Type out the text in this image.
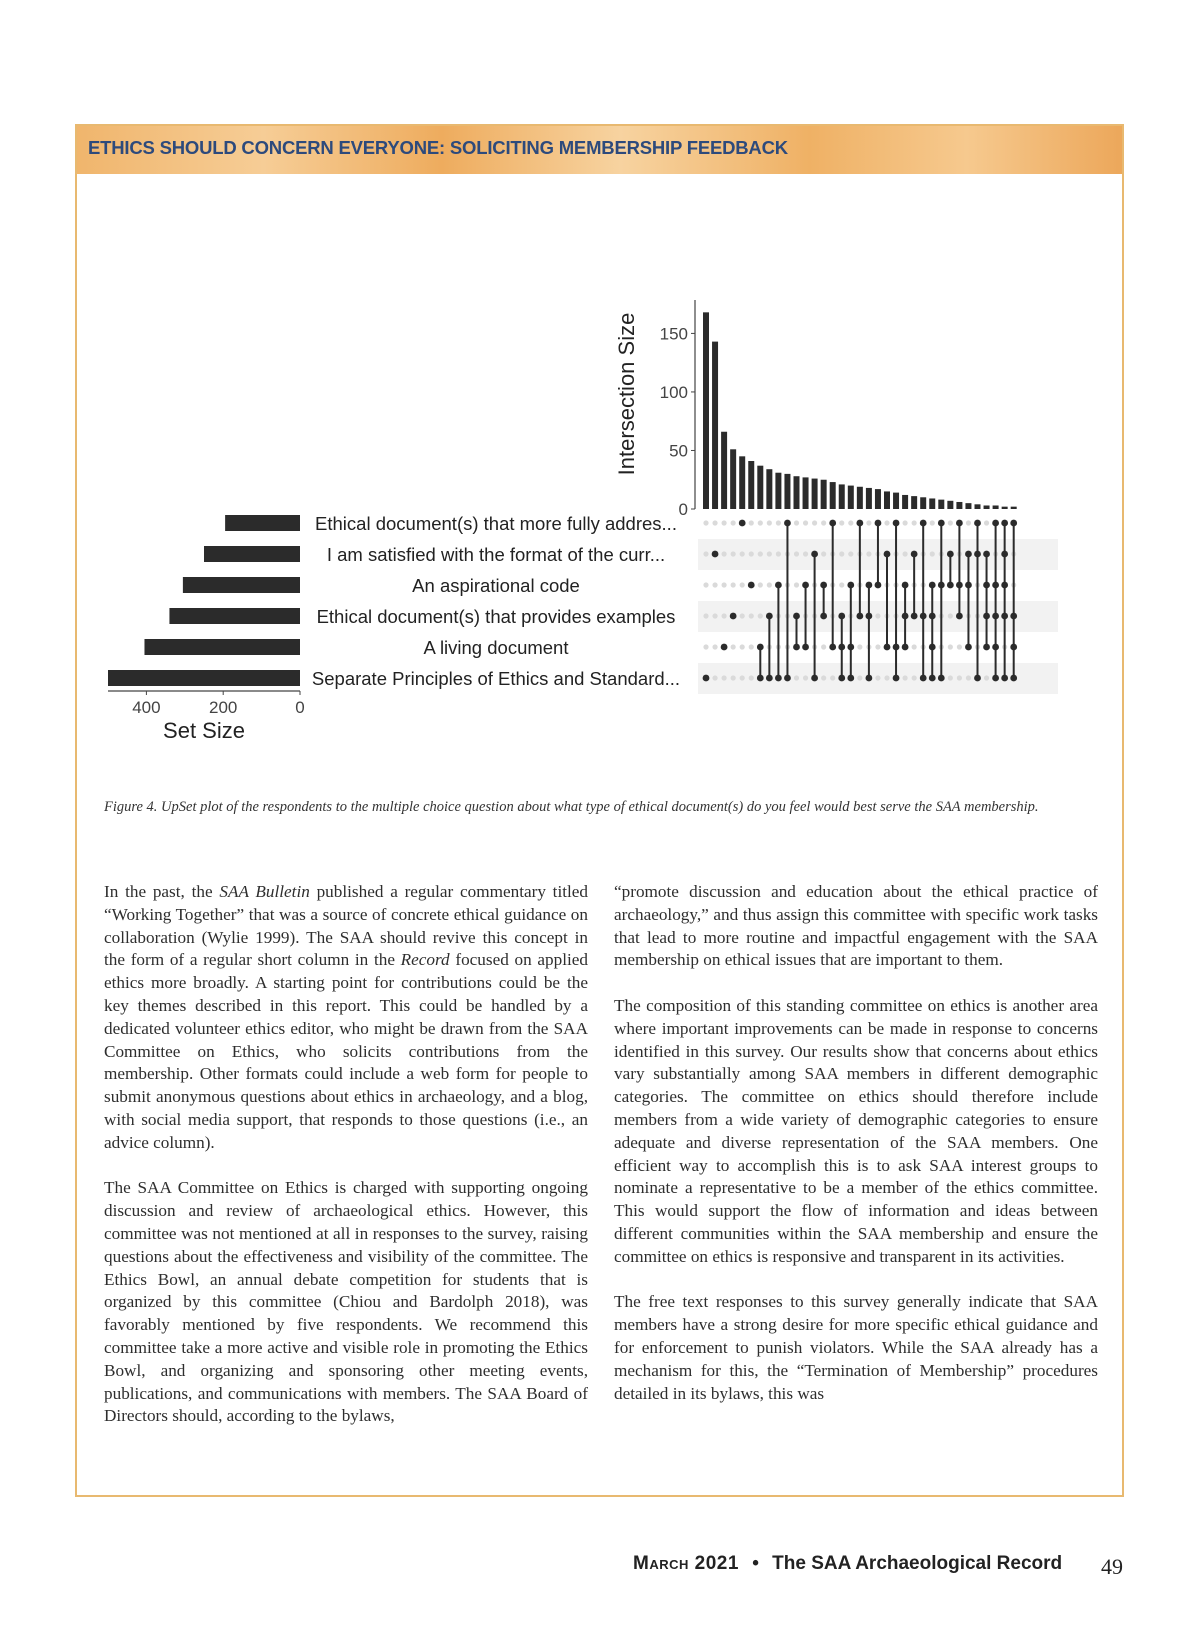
ETHICS SHOULD CONCERN EVERYONE: SOLICITING MEMBERSHIP FEEDBACK
Intersection Size
Set Size
0
50
100
150
Ethical document(s) that more fully addres...
I am satisfied with the format of the curr...
An aspirational code
Ethical document(s) that provides examples
A living document
Separate Principles of Ethics and Standard...
400	200	0
Figure 4. UpSet plot of the respondents to the multiple choice question about what type of ethical document(s) do you feel would best serve the SAA membership.

In the past, the SAA Bulletin published a regular commentary titled “Working Together” that was a source of concrete ethical guidance on collaboration (Wylie 1999). The SAA should revive this concept in the form of a regular short column in the Record focused on applied ethics more broadly. A starting point for contributions could be the key themes described in this report. This could be handled by a dedicated volunteer ethics editor, who might be drawn from the SAA Committee on Ethics, who solicits contributions from the membership. Other formats could include a web form for people to submit anonymous questions about ethics in archaeology, and a blog, with social media support, that responds to those questions (i.e., an advice column).

The SAA Committee on Ethics is charged with supporting ongoing discussion and review of archaeological ethics. However, this committee was not mentioned at all in responses to the survey, raising questions about the effectiveness and visibility of the committee. The Ethics Bowl, an annual debate competition for students that is organized by this committee (Chiou and Bardolph 2018), was favorably mentioned by five respondents. We recommend this committee take a more active and visible role in promoting the Ethics Bowl, and organizing and sponsoring other meeting events, publications, and communications with members. The SAA Board of Directors should, according to the bylaws,

“promote discussion and education about the ethical practice of archaeology,” and thus assign this committee with specific work tasks that lead to more routine and impactful engagement with the SAA membership on ethical issues that are important to them.

The composition of this standing committee on ethics is another area where important improvements can be made in response to concerns identified in this survey. Our results show that concerns about ethics vary substantially among SAA members in different demographic categories. The committee on ethics should therefore include members from a wide variety of demographic categories to ensure adequate and diverse representation of the SAA members. One efficient way to accomplish this is to ask SAA interest groups to nominate a representative to be a member of the ethics committee. This would support the flow of information and ideas between different communities within the SAA membership and ensure the committee on ethics is responsive and transparent in its activities.

The free text responses to this survey generally indicate that SAA members have a strong desire for more specific ethical guidance and for enforcement to punish violators. While the SAA already has a mechanism for this, the “Termination of Membership” procedures detailed in its bylaws, this was

March 2021 • The SAA Archaeological Record 49
